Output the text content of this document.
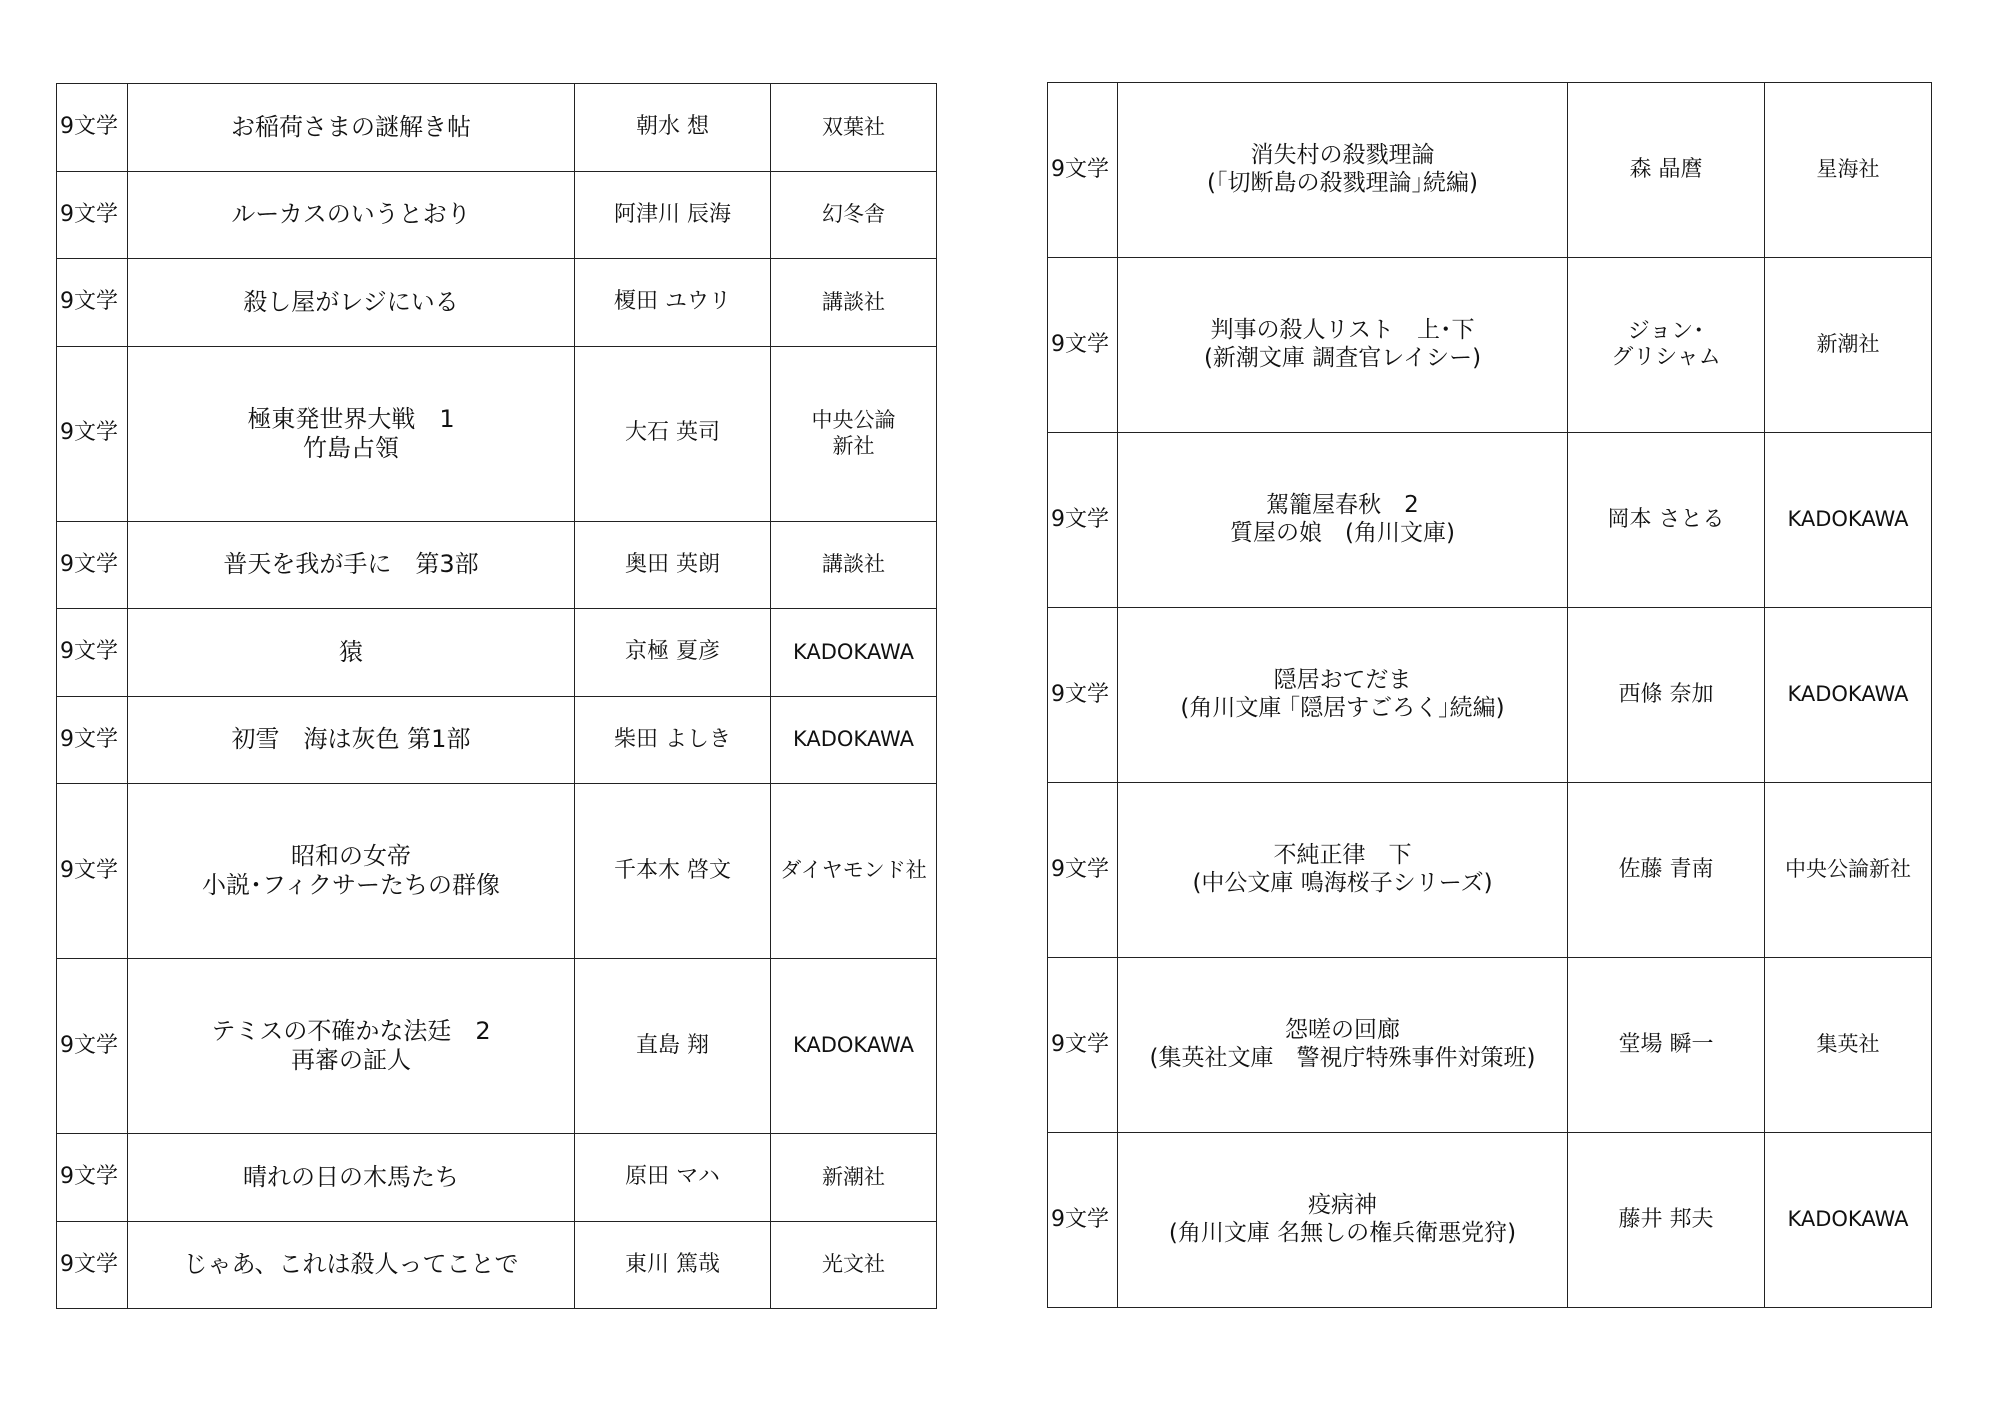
9文学	お稲荷さまの謎解き帖	朝水 想	双葉社

9文学	ルーカスのいうとおり	阿津川 辰海	幻冬舎

9文学	殺し屋がレジにいる	榎田 ユウリ	講談社

9文学	極東発世界大戦　1
竹島占領	大石 英司	中央公論
新社

9文学	普天を我が手に　第3部	奥田 英朗	講談社

9文学	猿	京極 夏彦	KADOKAWA

9文学	初雪　海は灰色 第1部	柴田 よしき	KADOKAWA

9文学	昭和の女帝
小説･フィクサーたちの群像	千本木 啓文	ダイヤモンド社

9文学	テミスの不確かな法廷　2
再審の証人	直島 翔	KADOKAWA

9文学	晴れの日の木馬たち	原田 マハ	新潮社

9文学	じゃあ、これは殺人ってことで	東川 篤哉	光文社
9文学	消失村の殺戮理論
(｢切断島の殺戮理論｣続編)	森 晶麿	星海社

9文学	判事の殺人リスト　上･下
(新潮文庫 調査官レイシー)	ジョン･
グリシャム	新潮社

9文学	駕籠屋春秋　2
質屋の娘　(角川文庫)	岡本 さとる	KADOKAWA

9文学	隠居おてだま
(角川文庫 ｢隠居すごろく｣続編)	西條 奈加	KADOKAWA

9文学	不純正律　下
(中公文庫 鳴海桜子シリーズ)	佐藤 青南	中央公論新社

9文学	怨嗟の回廊
(集英社文庫　警視庁特殊事件対策班)	堂場 瞬一	集英社

9文学	疫病神
(角川文庫 名無しの権兵衛悪党狩)	藤井 邦夫	KADOKAWA
